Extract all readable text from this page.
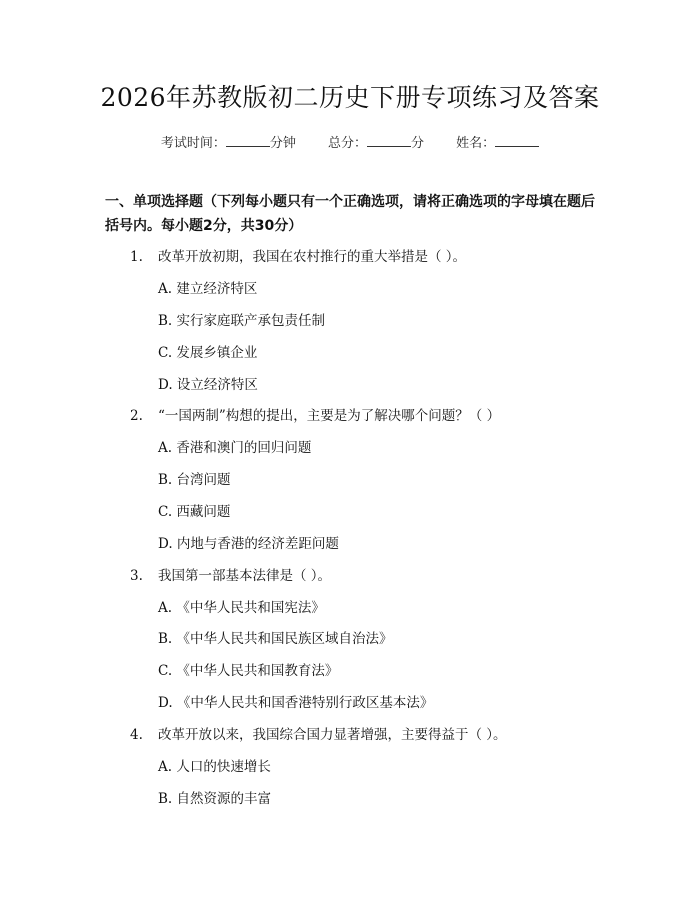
2026年苏教版初二历史下册专项练习及答案
考试时间：	分钟 总分：	分 姓名：
一、单项选择题（下列每小题只有一个正确选项，请将正确选项的字母填在题后括号内。每小题2分，共30分）
1. 改革开放初期，我国在农村推行的重大举措是（ ）。
A. 建立经济特区
B. 实行家庭联产承包责任制
C. 发展乡镇企业
D. 设立经济特区
2. “一国两制”构想的提出，主要是为了解决哪个问题？（ ）
A. 香港和澳门的回归问题
B. 台湾问题
C. 西藏问题
D. 内地与香港的经济差距问题
3. 我国第一部基本法律是（ ）。
A. 《中华人民共和国宪法》
B. 《中华人民共和国民族区域自治法》
C. 《中华人民共和国教育法》
D. 《中华人民共和国香港特别行政区基本法》
4. 改革开放以来，我国综合国力显著增强，主要得益于（ ）。
A. 人口的快速增长
B. 自然资源的丰富
